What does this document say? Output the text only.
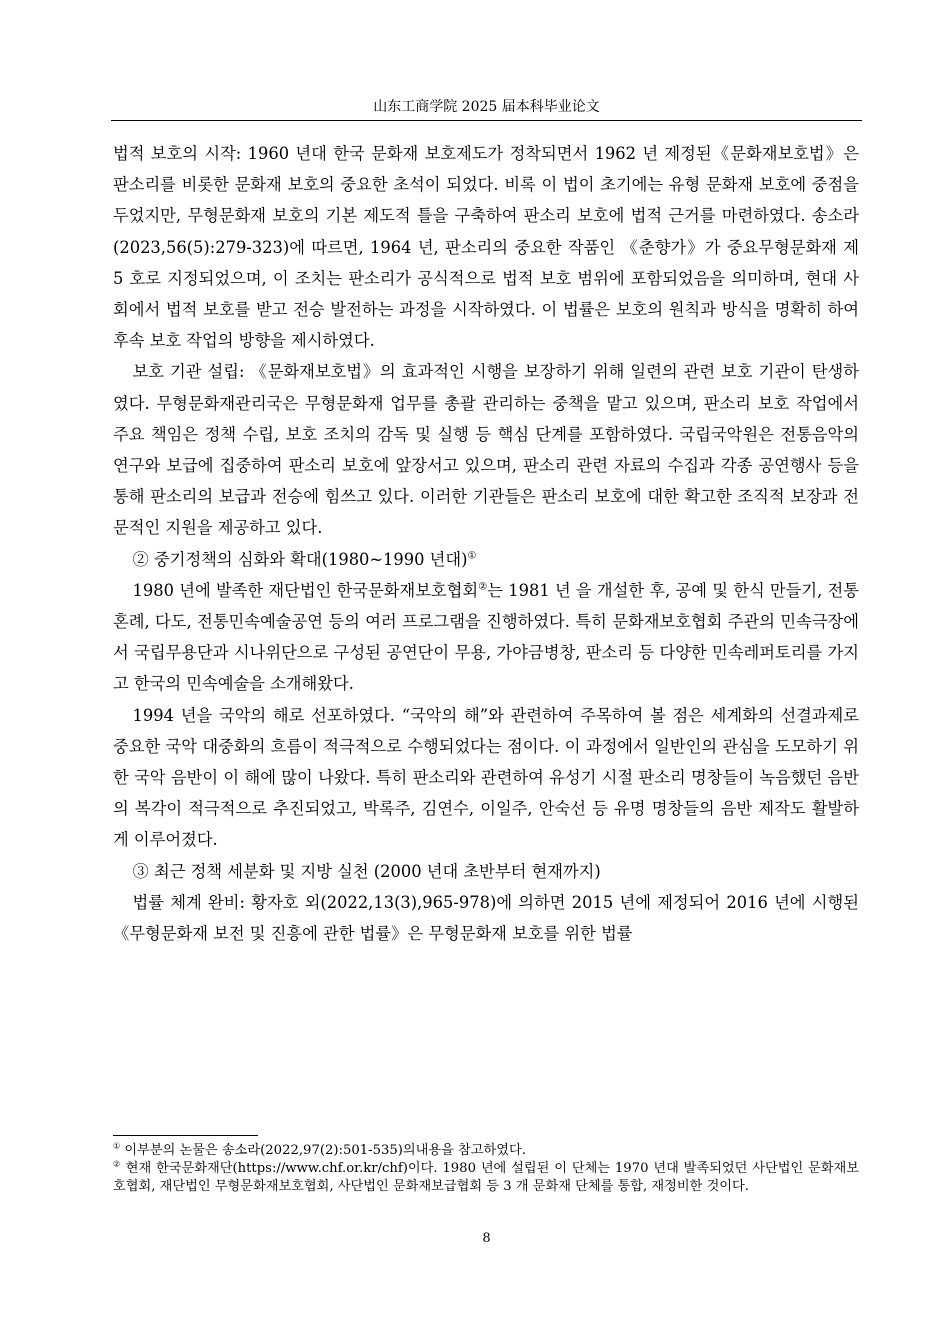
山东工商学院 2025 届本科毕业论文

법적 보호의 시작: 1960 년대 한국 문화재 보호제도가 정착되면서 1962 년 제정된《문화재보호법》은 판소리를 비롯한 문화재 보호의 중요한 초석이 되었다. 비록 이 법이 초기에는 유형 문화재 보호에 중점을 두었지만, 무형문화재 보호의 기본 제도적 틀을 구축하여 판소리 보호에 법적 근거를 마련하였다. 송소라(2023,56(5):279-323)에 따르면, 1964 년, 판소리의 중요한 작품인 《춘향가》가 중요무형문화재 제 5 호로 지정되었으며, 이 조치는 판소리가 공식적으로 법적 보호 범위에 포함되었음을 의미하며, 현대 사회에서 법적 보호를 받고 전승 발전하는 과정을 시작하였다. 이 법률은 보호의 원칙과 방식을 명확히 하여 후속 보호 작업의 방향을 제시하였다.

보호 기관 설립: 《문화재보호법》의 효과적인 시행을 보장하기 위해 일련의 관련 보호 기관이 탄생하였다. 무형문화재관리국은 무형문화재 업무를 총괄 관리하는 중책을 맡고 있으며, 판소리 보호 작업에서 주요 책임은 정책 수립, 보호 조치의 감독 및 실행 등 핵심 단계를 포함하였다. 국립국악원은 전통음악의 연구와 보급에 집중하여 판소리 보호에 앞장서고 있으며, 판소리 관련 자료의 수집과 각종 공연행사 등을 통해 판소리의 보급과 전승에 힘쓰고 있다. 이러한 기관들은 판소리 보호에 대한 확고한 조직적 보장과 전문적인 지원을 제공하고 있다.

② 중기정책의 심화와 확대(1980~1990 년대)①

1980 년에 발족한 재단법인 한국문화재보호협회②는 1981 년 을 개설한 후, 공예 및 한식 만들기, 전통혼례, 다도, 전통민속예술공연 등의 여러 프로그램을 진행하였다. 특히 문화재보호협회 주관의 민속극장에서 국립무용단과 시나위단으로 구성된 공연단이 무용, 가야금병창, 판소리 등 다양한 민속레퍼토리를 가지고 한국의 민속예술을 소개해왔다.

1994 년을 국악의 해로 선포하였다. “국악의 해”와 관련하여 주목하여 볼 점은 세계화의 선결과제로 중요한 국악 대중화의 흐름이 적극적으로 수행되었다는 점이다. 이 과정에서 일반인의 관심을 도모하기 위한 국악 음반이 이 해에 많이 나왔다. 특히 판소리와 관련하여 유성기 시절 판소리 명창들이 녹음했던 음반의 복각이 적극적으로 추진되었고, 박록주, 김연수, 이일주, 안숙선 등 유명 명창들의 음반 제작도 활발하게 이루어졌다.

③ 최근 정책 세분화 및 지방 실천 (2000 년대 초반부터 현재까지)

법률 체계 완비: 황자호 외(2022,13(3),965-978)에 의하면 2015 년에 제정되어 2016 년에 시행된 《무형문화재 보전 및 진흥에 관한 법률》은 무형문화재 보호를 위한 법률

① 이부분의 논물은 송소라(2022,97(2):501-535)의내용을 참고하였다.

② 현재 한국문화재단(https://www.chf.or.kr/chf)이다. 1980 년에 설립된 이 단체는 1970 년대 발족되었던 사단법인 문화재보호협회, 재단법인 무형문화재보호협회, 사단법인 문화재보급협회 등 3 개 문화재 단체를 통합, 재정비한 것이다.

8
